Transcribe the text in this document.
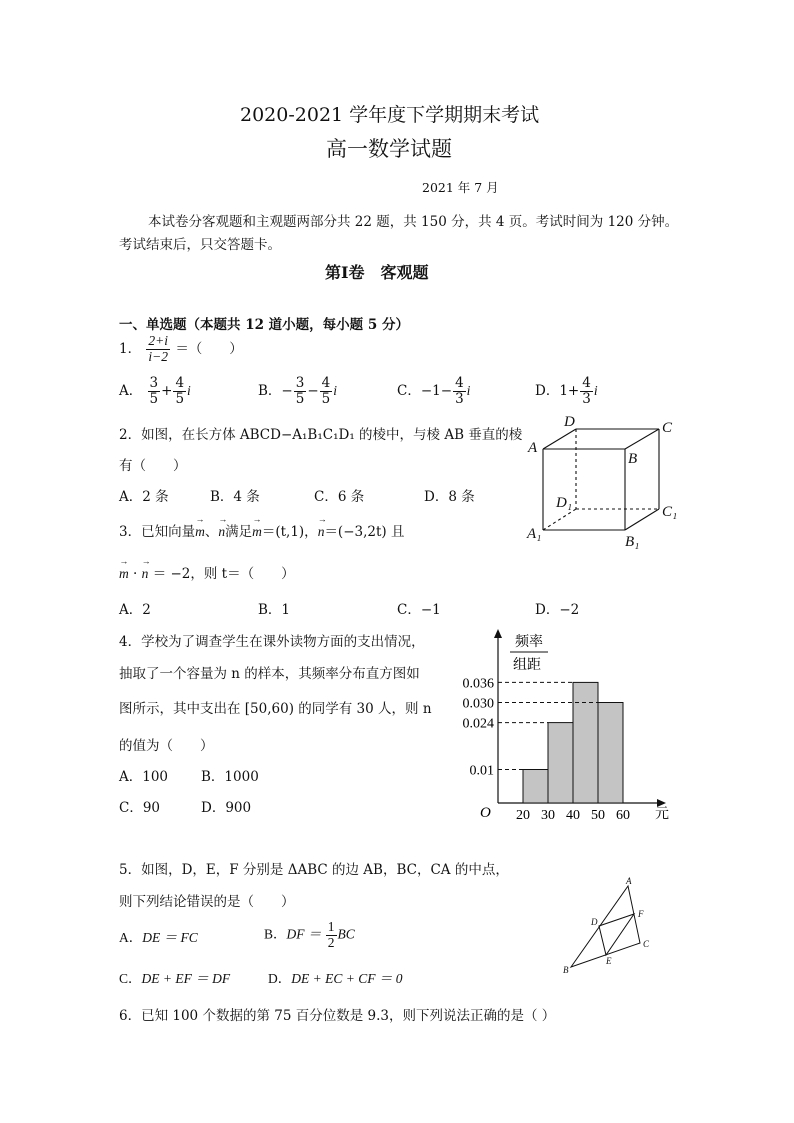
2020-2021 学年度下学期期末考试
高一数学试题
2021 年 7 月
本试卷分客观题和主观题两部分共 22 题，共 150 分，共 4 页。考试时间为 120 分钟。
考试结束后，只交答题卡。
第Ⅰ卷　客观题
一、单选题（本题共 12 道小题，每小题 5 分）
1． $\frac{2+i}{i-2}$ ＝（　　）
A． $\frac{3}{5} + \frac{4}{5}$ i	B．− $\frac{3}{5} - \frac{4}{5}$ i	C．$-1- \frac{4}{3}$ i	D．$1+ \frac{4}{3}$ i
2．如图，在长方体 ABCD−A₁B₁C₁D₁ 的棱中，与棱 AB 垂直的棱
有（　　）
A．2 条	B．4 条	C．6 条	D．8 条
A
D	C
B
D₁
C₁
A₁	B₁
3．已知向量→ m、→ n满足→ m＝(t,1)，→ n＝(−3,2t) 且
→ m · → n ＝ −2，则 t＝（　　）
A．2	B．1	C．−1	D．−2
4．学校为了调查学生在课外读物方面的支出情况，
抽取了一个容量为 n 的样本，其频率分布直方图如
图所示，其中支出在 [50,60) 的同学有 30 人，则 n
的值为（　　）
A．100 B．1000
C．90	D．900
频率
组距
O	元
0.036
0.030
0.024
0.01
20 30 40 50 60
5．如图，D，E，F 分别是 ΔABC 的边 AB，BC，CA 的中点，
则下列结论错误的是（　　）
A．DE ＝ FC	B．DF ＝ $\frac{1}{2}$ BC
C．DE + EF ＝ DF	D．DE + EC + CF ＝ 0
A
B
C
D
E
F
6．已知 100 个数据的第 75 百分位数是 9.3，则下列说法正确的是（ ）
